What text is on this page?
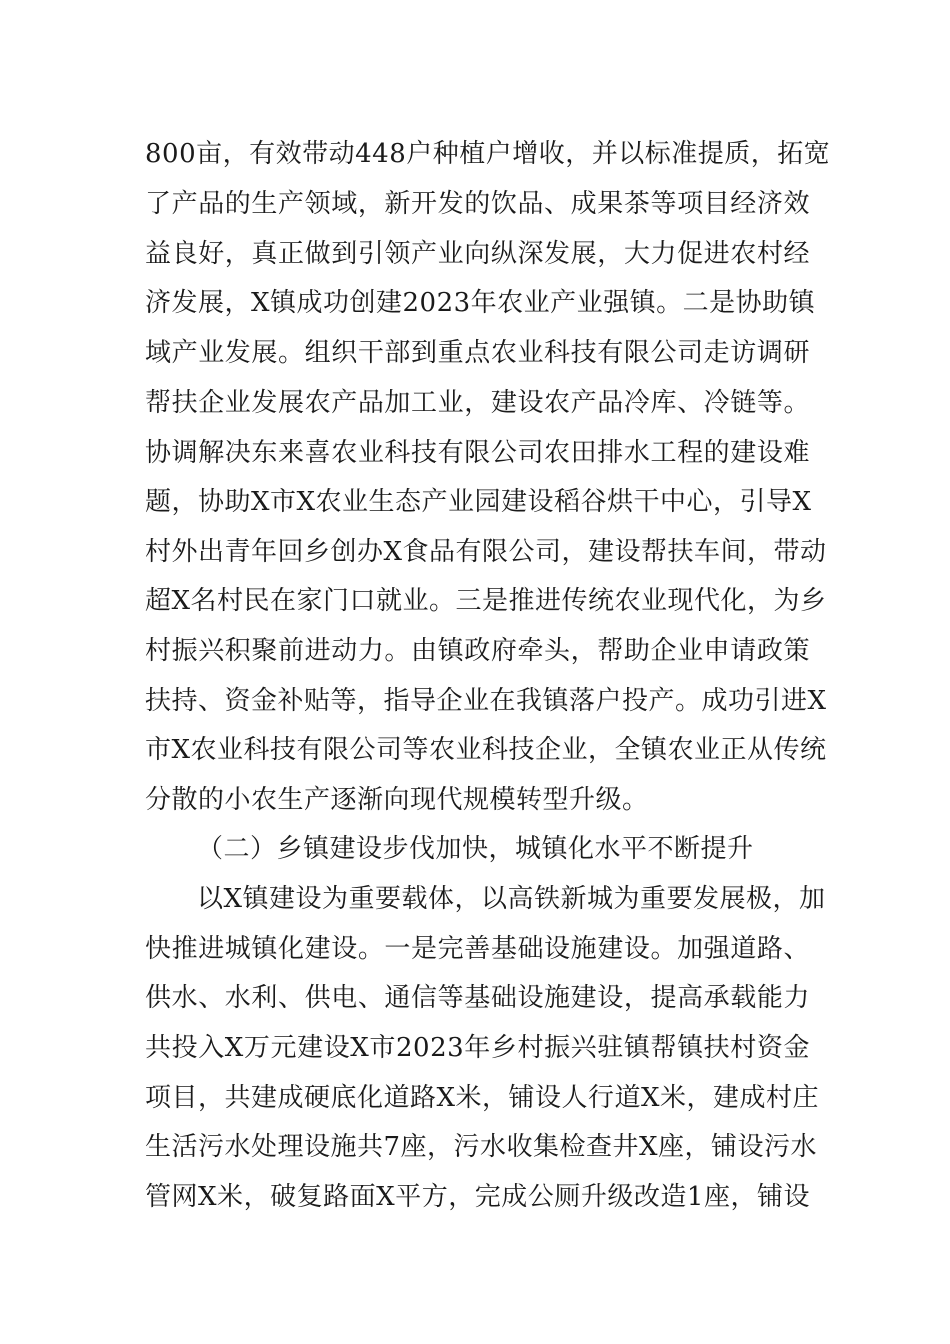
800亩，有效带动448户种植户增收，并以标准提质，拓宽

了产品的生产领域，新开发的饮品、成果茶等项目经济效

益良好，真正做到引领产业向纵深发展，大力促进农村经

济发展，X镇成功创建2023年农业产业强镇。二是协助镇

域产业发展。组织干部到重点农业科技有限公司走访调研

帮扶企业发展农产品加工业，建设农产品冷库、冷链等。

协调解决东来喜农业科技有限公司农田排水工程的建设难

题，协助X市X农业生态产业园建设稻谷烘干中心，引导X

村外出青年回乡创办X食品有限公司，建设帮扶车间，带动

超X名村民在家门口就业。三是推进传统农业现代化，为乡

村振兴积聚前进动力。由镇政府牵头，帮助企业申请政策

扶持、资金补贴等，指导企业在我镇落户投产。成功引进X

市X农业科技有限公司等农业科技企业，全镇农业正从传统

分散的小农生产逐渐向现代规模转型升级。

（二）乡镇建设步伐加快，城镇化水平不断提升

以X镇建设为重要载体，以高铁新城为重要发展极，加

快推进城镇化建设。一是完善基础设施建设。加强道路、

供水、水利、供电、通信等基础设施建设，提高承载能力

共投入X万元建设X市2023年乡村振兴驻镇帮镇扶村资金

项目，共建成硬底化道路X米，铺设人行道X米，建成村庄

生活污水处理设施共7座，污水收集检查井X座，铺设污水

管网X米，破复路面X平方，完成公厕升级改造1座，铺设
